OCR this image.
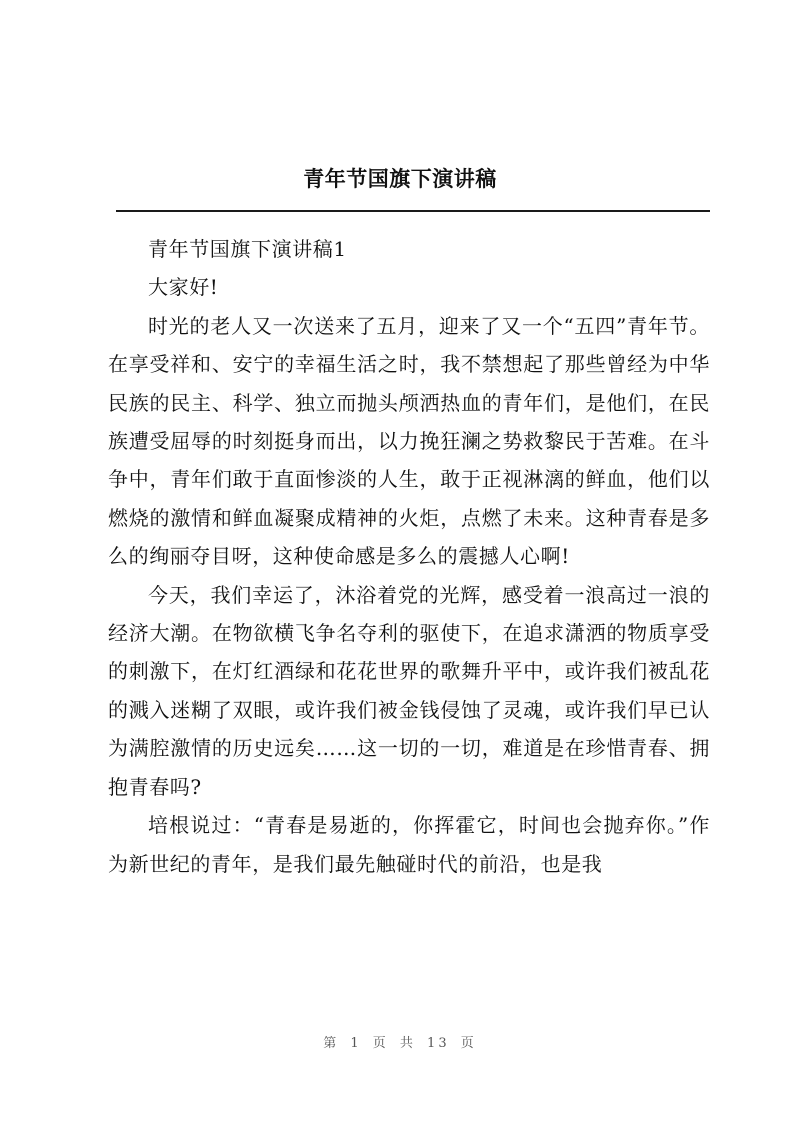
青年节国旗下演讲稿

青年节国旗下演讲稿1

大家好!

时光的老人又一次送来了五月，迎来了又一个“五四”青年节。在享受祥和、安宁的幸福生活之时，我不禁想起了那些曾经为中华民族的民主、科学、独立而抛头颅洒热血的青年们，是他们，在民族遭受屈辱的时刻挺身而出，以力挽狂澜之势救黎民于苦难。在斗争中，青年们敢于直面惨淡的人生，敢于正视淋漓的鲜血，他们以燃烧的激情和鲜血凝聚成精神的火炬，点燃了未来。这种青春是多么的绚丽夺目呀，这种使命感是多么的震撼人心啊!

今天，我们幸运了，沐浴着党的光辉，感受着一浪高过一浪的经济大潮。在物欲横飞争名夺利的驱使下，在追求潇洒的物质享受的刺激下，在灯红酒绿和花花世界的歌舞升平中，或许我们被乱花的溅入迷糊了双眼，或许我们被金钱侵蚀了灵魂，或许我们早已认为满腔激情的历史远矣……这一切的一切，难道是在珍惜青春、拥抱青春吗?

培根说过：“青春是易逝的，你挥霍它，时间也会抛弃你。”作为新世纪的青年，是我们最先触碰时代的前沿，也是我

第 1 页 共 13 页
